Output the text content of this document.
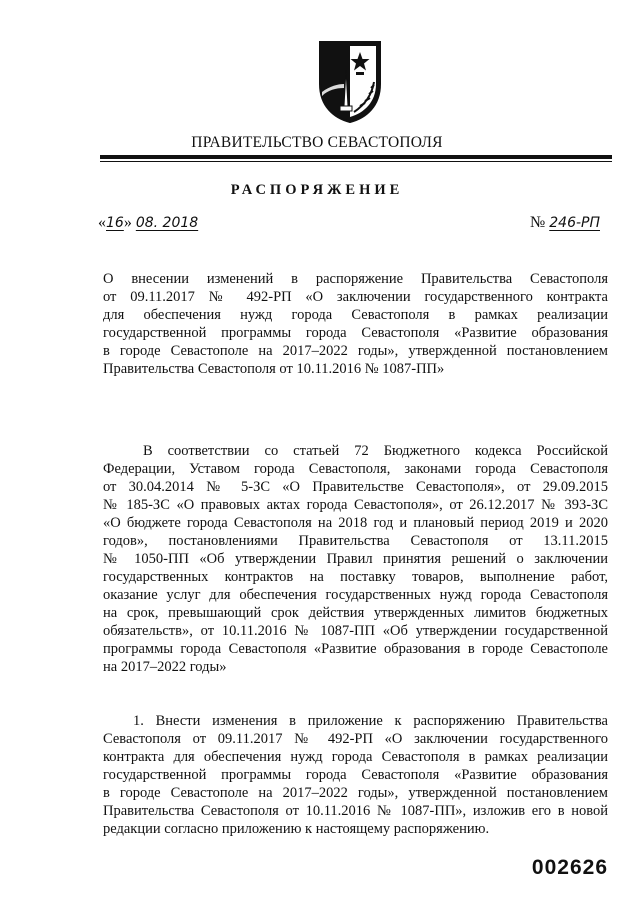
ПРАВИТЕЛЬСТВО СЕВАСТОПОЛЯ
РАСПОРЯЖЕНИЕ
«16» 08. 2018	№ 246-РП
О внесении изменений в распоряжение Правительства Севастополя
от 09.11.2017 № 492-РП «О заключении государственного контракта
для обеспечения нужд города Севастополя в рамках реализации
государственной программы города Севастополя «Развитие образования
в городе Севастополе на 2017–2022 годы», утвержденной постановлением
Правительства Севастополя от 10.11.2016 № 1087-ПП»
В соответствии со статьей 72 Бюджетного кодекса Российской
Федерации, Уставом города Севастополя, законами города Севастополя
от 30.04.2014 № 5-ЗС «О Правительстве Севастополя», от 29.09.2015
№ 185-ЗС «О правовых актах города Севастополя», от 26.12.2017 № 393-ЗС
«О бюджете города Севастополя на 2018 год и плановый период 2019 и 2020
годов», постановлениями Правительства Севастополя от 13.11.2015
№ 1050-ПП «Об утверждении Правил принятия решений о заключении
государственных контрактов на поставку товаров, выполнение работ,
оказание услуг для обеспечения государственных нужд города Севастополя
на срок, превышающий срок действия утвержденных лимитов бюджетных
обязательств», от 10.11.2016 № 1087-ПП «Об утверждении государственной
программы города Севастополя «Развитие образования в городе Севастополе
на 2017–2022 годы»
1. Внести изменения в приложение к распоряжению Правительства
Севастополя от 09.11.2017 № 492-РП «О заключении государственного
контракта для обеспечения нужд города Севастополя в рамках реализации
государственной программы города Севастополя «Развитие образования
в городе Севастополе на 2017–2022 годы», утвержденной постановлением
Правительства Севастополя от 10.11.2016 № 1087-ПП», изложив его в новой
редакции согласно приложению к настоящему распоряжению.
002626
